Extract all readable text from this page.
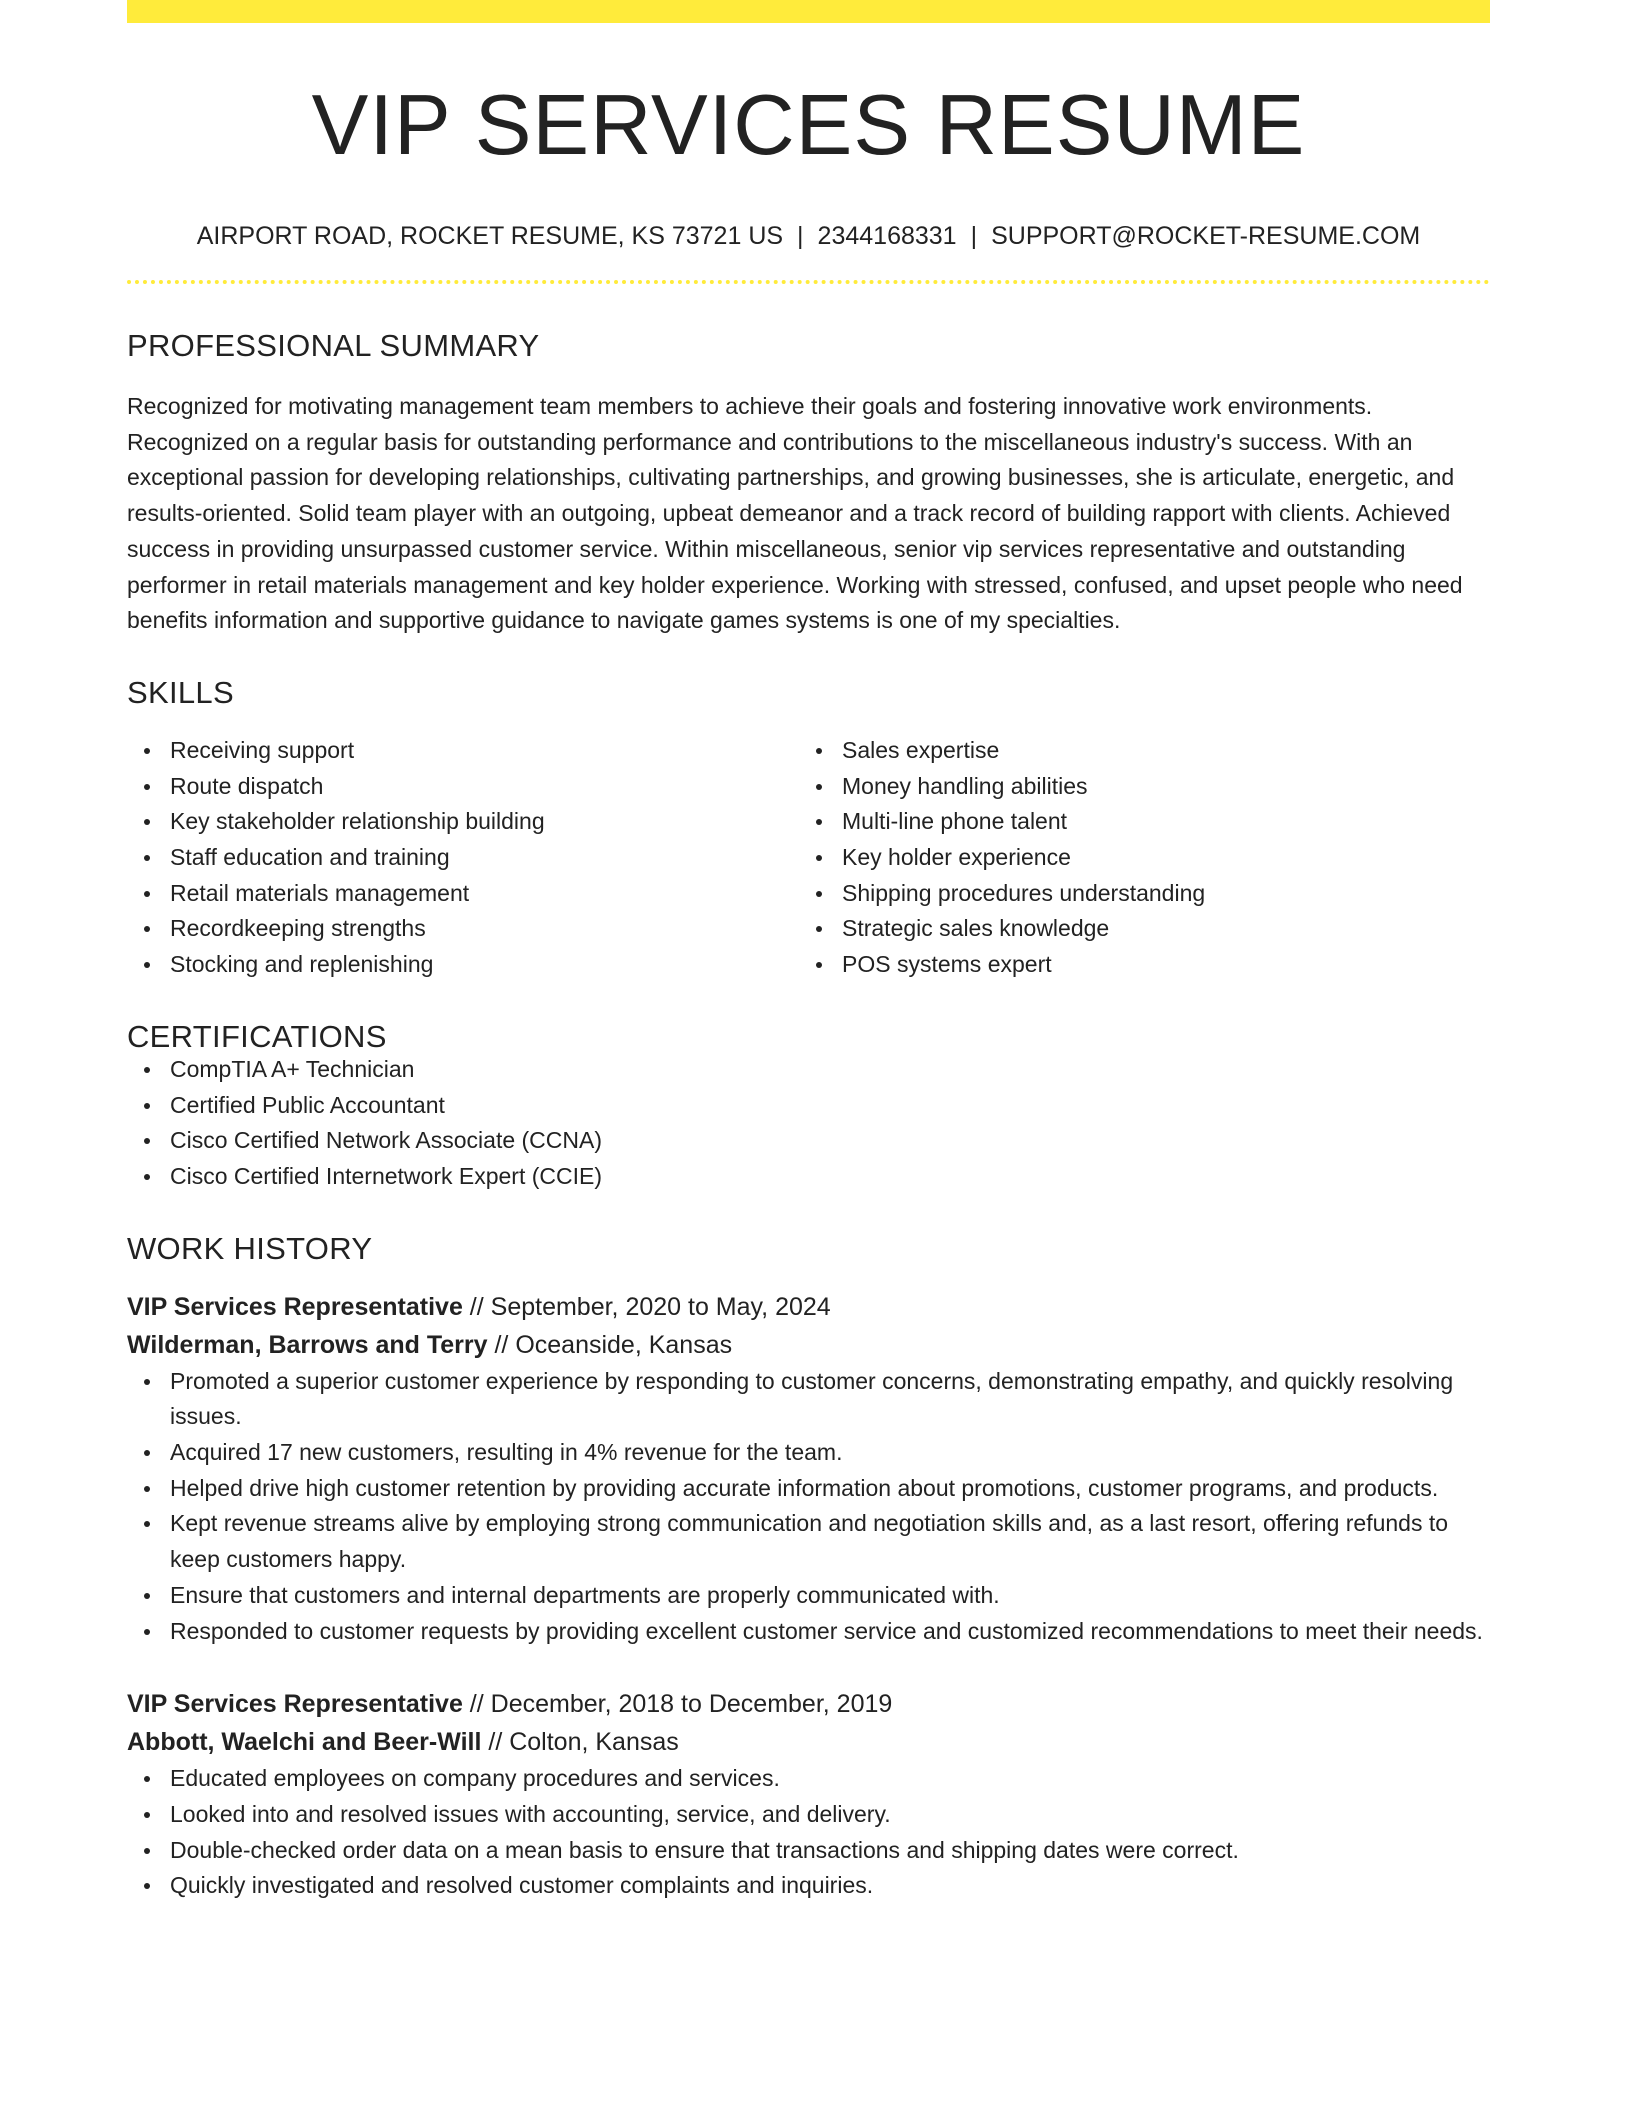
VIP SERVICES RESUME
AIRPORT ROAD, ROCKET RESUME, KS 73721 US | 2344168331 | SUPPORT@ROCKET-RESUME.COM
PROFESSIONAL SUMMARY

Recognized for motivating management team members to achieve their goals and fostering innovative work environments. Recognized on a regular basis for outstanding performance and contributions to the miscellaneous industry's success. With an exceptional passion for developing relationships, cultivating partnerships, and growing businesses, she is articulate, energetic, and results-oriented. Solid team player with an outgoing, upbeat demeanor and a track record of building rapport with clients. Achieved success in providing unsurpassed customer service. Within miscellaneous, senior vip services representative and outstanding performer in retail materials management and key holder experience. Working with stressed, confused, and upset people who need benefits information and supportive guidance to navigate games systems is one of my specialties.

SKILLS
Receiving support
Route dispatch
Key stakeholder relationship building
Staff education and training
Retail materials management
Recordkeeping strengths
Stocking and replenishing
Sales expertise
Money handling abilities
Multi-line phone talent
Key holder experience
Shipping procedures understanding
Strategic sales knowledge
POS systems expert
CERTIFICATIONS
CompTIA A+ Technician
Certified Public Accountant
Cisco Certified Network Associate (CCNA)
Cisco Certified Internetwork Expert (CCIE)
WORK HISTORY
VIP Services Representative // September, 2020 to May, 2024
Wilderman, Barrows and Terry // Oceanside, Kansas
Promoted a superior customer experience by responding to customer concerns, demonstrating empathy, and quickly resolving issues.
Acquired 17 new customers, resulting in 4% revenue for the team.
Helped drive high customer retention by providing accurate information about promotions, customer programs, and products.
Kept revenue streams alive by employing strong communication and negotiation skills and, as a last resort, offering refunds to keep customers happy.
Ensure that customers and internal departments are properly communicated with.
Responded to customer requests by providing excellent customer service and customized recommendations to meet their needs.
VIP Services Representative // December, 2018 to December, 2019
Abbott, Waelchi and Beer-Will // Colton, Kansas
Educated employees on company procedures and services.
Looked into and resolved issues with accounting, service, and delivery.
Double-checked order data on a mean basis to ensure that transactions and shipping dates were correct.
Quickly investigated and resolved customer complaints and inquiries.
